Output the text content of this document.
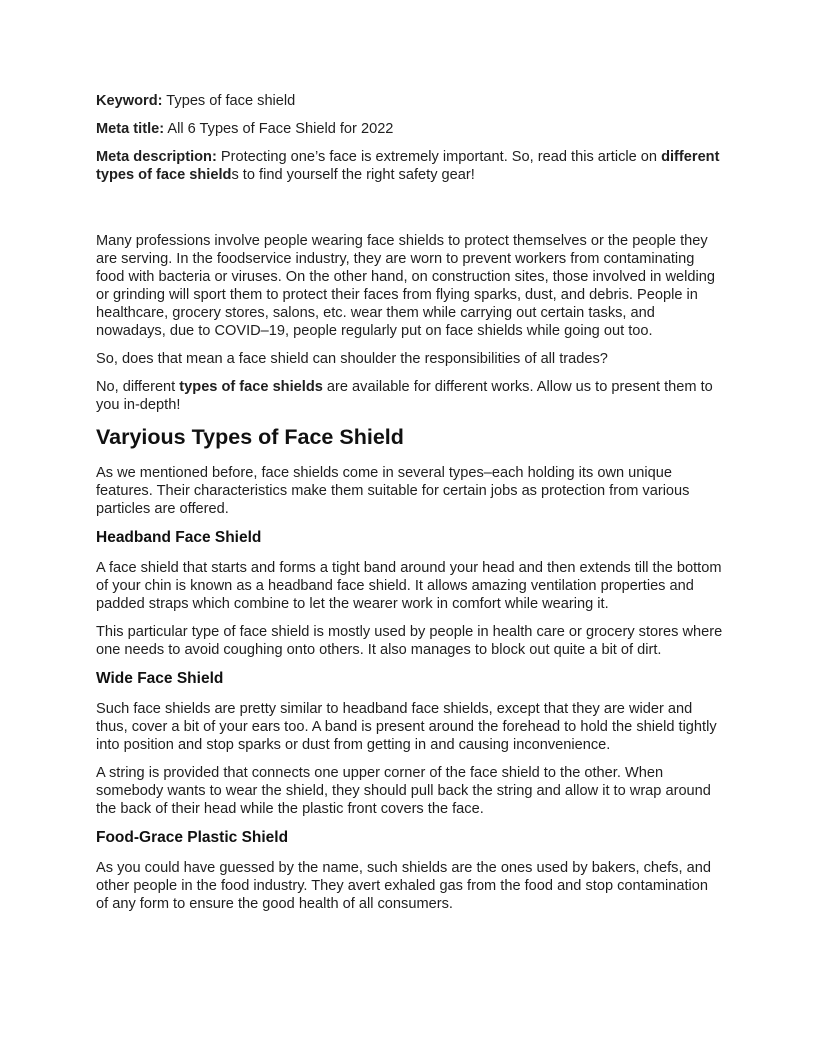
Keyword: Types of face shield

Meta title: All 6 Types of Face Shield for 2022

Meta description: Protecting one’s face is extremely important. So, read this article on different types of face shields to find yourself the right safety gear!

Many professions involve people wearing face shields to protect themselves or the people they are serving. In the foodservice industry, they are worn to prevent workers from contaminating food with bacteria or viruses. On the other hand, on construction sites, those involved in welding or grinding will sport them to protect their faces from flying sparks, dust, and debris. People in healthcare, grocery stores, salons, etc. wear them while carrying out certain tasks, and nowadays, due to COVID–19, people regularly put on face shields while going out too.

So, does that mean a face shield can shoulder the responsibilities of all trades?

No, different types of face shields are available for different works. Allow us to present them to you in-depth!

Varyious Types of Face Shield

As we mentioned before, face shields come in several types–each holding its own unique features. Their characteristics make them suitable for certain jobs as protection from various particles are offered.

Headband Face Shield

A face shield that starts and forms a tight band around your head and then extends till the bottom of your chin is known as a headband face shield. It allows amazing ventilation properties and padded straps which combine to let the wearer work in comfort while wearing it.

This particular type of face shield is mostly used by people in health care or grocery stores where one needs to avoid coughing onto others. It also manages to block out quite a bit of dirt.

Wide Face Shield

Such face shields are pretty similar to headband face shields, except that they are wider and thus, cover a bit of your ears too. A band is present around the forehead to hold the shield tightly into position and stop sparks or dust from getting in and causing inconvenience.

A string is provided that connects one upper corner of the face shield to the other. When somebody wants to wear the shield, they should pull back the string and allow it to wrap around the back of their head while the plastic front covers the face.

Food-Grace Plastic Shield

As you could have guessed by the name, such shields are the ones used by bakers, chefs, and other people in the food industry. They avert exhaled gas from the food and stop contamination of any form to ensure the good health of all consumers.
